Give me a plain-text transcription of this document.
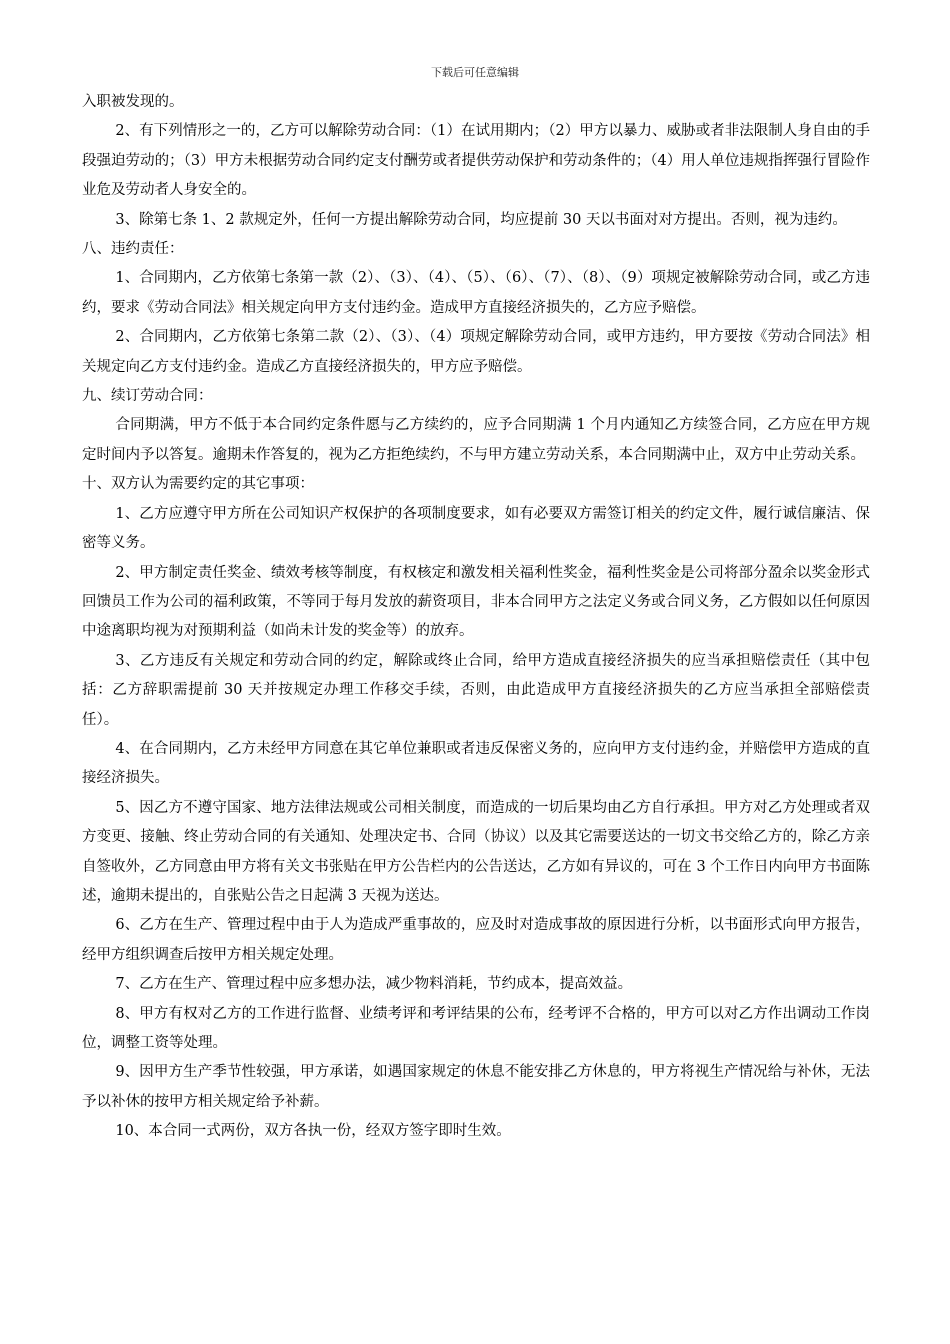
下载后可任意编辑

入职被发现的。

2、有下列情形之一的，乙方可以解除劳动合同：（1）在试用期内；（2）甲方以暴力、威胁或者非法限制人身自由的手段强迫劳动的；（3）甲方未根据劳动合同约定支付酬劳或者提供劳动保护和劳动条件的；（4）用人单位违规指挥强行冒险作业危及劳动者人身安全的。

3、除第七条 1、2 款规定外，任何一方提出解除劳动合同，均应提前 30 天以书面对对方提出。否则，视为违约。

八、违约责任：

1、合同期内，乙方依第七条第一款（2）、（3）、（4）、（5）、（6）、（7）、（8）、（9）项规定被解除劳动合同，或乙方违约，要求《劳动合同法》相关规定向甲方支付违约金。造成甲方直接经济损失的，乙方应予赔偿。

2、合同期内，乙方依第七条第二款（2）、（3）、（4）项规定解除劳动合同，或甲方违约，甲方要按《劳动合同法》相关规定向乙方支付违约金。造成乙方直接经济损失的，甲方应予赔偿。

九、续订劳动合同：

合同期满，甲方不低于本合同约定条件愿与乙方续约的，应予合同期满 1 个月内通知乙方续签合同，乙方应在甲方规定时间内予以答复。逾期未作答复的，视为乙方拒绝续约，不与甲方建立劳动关系，本合同期满中止，双方中止劳动关系。

十、双方认为需要约定的其它事项：

1、乙方应遵守甲方所在公司知识产权保护的各项制度要求，如有必要双方需签订相关的约定文件，履行诚信廉洁、保密等义务。

2、甲方制定责任奖金、绩效考核等制度，有权核定和激发相关福利性奖金，福利性奖金是公司将部分盈余以奖金形式回馈员工作为公司的福利政策，不等同于每月发放的薪资项目，非本合同甲方之法定义务或合同义务，乙方假如以任何原因中途离职均视为对预期利益（如尚未计发的奖金等）的放弃。

3、乙方违反有关规定和劳动合同的约定，解除或终止合同，给甲方造成直接经济损失的应当承担赔偿责任（其中包括：乙方辞职需提前 30 天并按规定办理工作移交手续，否则，由此造成甲方直接经济损失的乙方应当承担全部赔偿责任）。

4、在合同期内，乙方未经甲方同意在其它单位兼职或者违反保密义务的，应向甲方支付违约金，并赔偿甲方造成的直接经济损失。

5、因乙方不遵守国家、地方法律法规或公司相关制度，而造成的一切后果均由乙方自行承担。甲方对乙方处理或者双方变更、接触、终止劳动合同的有关通知、处理决定书、合同（协议）以及其它需要送达的一切文书交给乙方的，除乙方亲自签收外，乙方同意由甲方将有关文书张贴在甲方公告栏内的公告送达，乙方如有异议的，可在 3 个工作日内向甲方书面陈述，逾期未提出的，自张贴公告之日起满 3 天视为送达。

6、乙方在生产、管理过程中由于人为造成严重事故的，应及时对造成事故的原因进行分析，以书面形式向甲方报告，经甲方组织调查后按甲方相关规定处理。

7、乙方在生产、管理过程中应多想办法，减少物料消耗，节约成本，提高效益。

8、甲方有权对乙方的工作进行监督、业绩考评和考评结果的公布，经考评不合格的，甲方可以对乙方作出调动工作岗位，调整工资等处理。

9、因甲方生产季节性较强，甲方承诺，如遇国家规定的休息不能安排乙方休息的，甲方将视生产情况给与补休，无法予以补休的按甲方相关规定给予补薪。

10、本合同一式两份，双方各执一份，经双方签字即时生效。
